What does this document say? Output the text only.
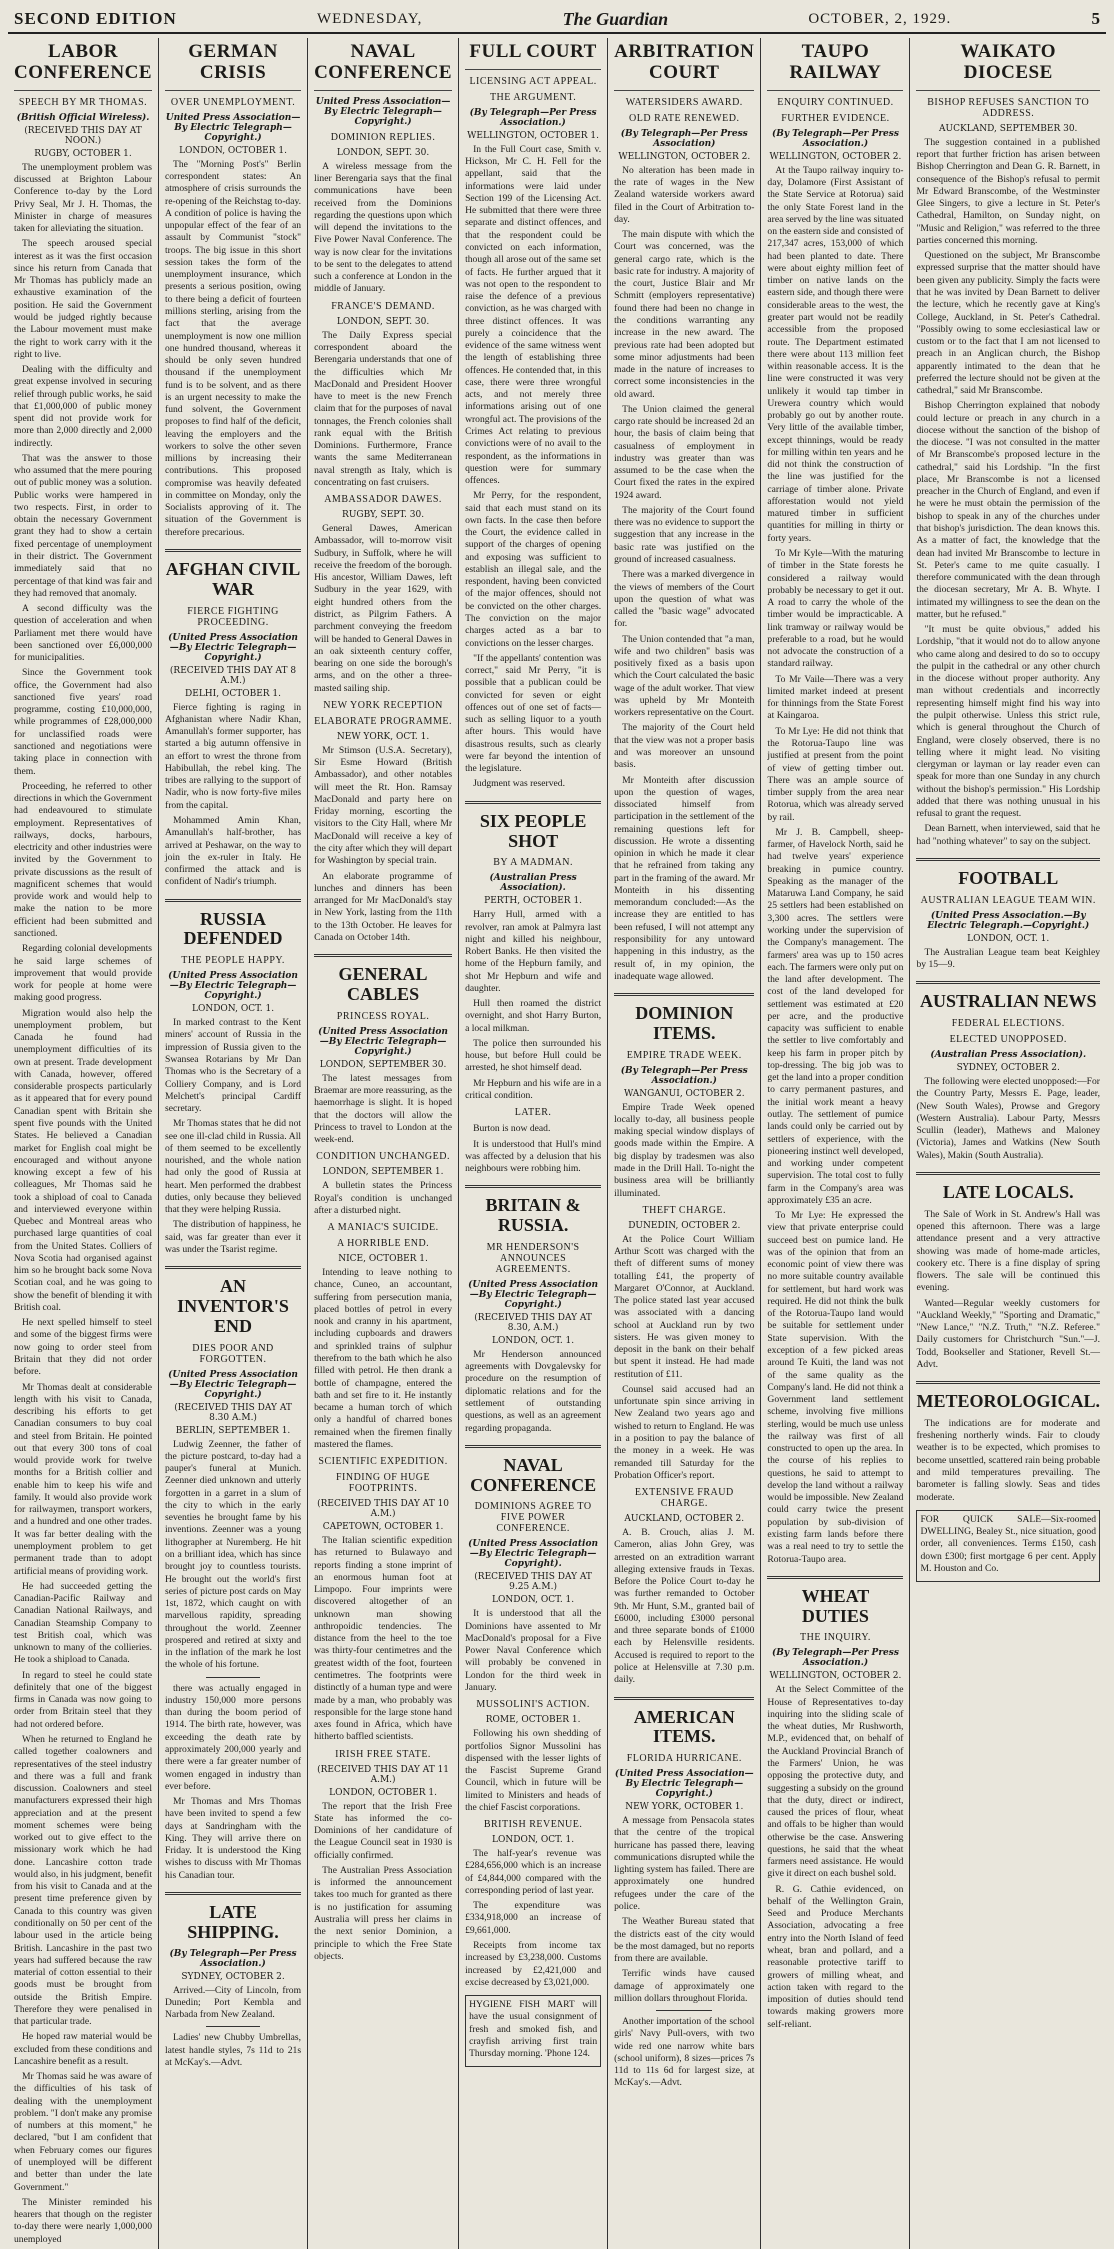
SECOND EDITION	WEDNESDAY,	The Guardian	OCTOBER, 2, 1929.	5
LABOR CONFERENCE
SPEECH BY MR THOMAS.
(British Official Wireless).
(RECEIVED THIS DAY AT NOON.)
RUGBY, OCTOBER 1.

The unemployment problem was discussed at Brighton Labour Conference to-day by the Lord Privy Seal, Mr J. H. Thomas, the Minister in charge of measures taken for alleviating the situation.

The speech aroused special interest as it was the first occasion since his return from Canada that Mr Thomas has publicly made an exhaustive examination of the position. He said the Government would be judged rightly because the Labour movement must make the right to work carry with it the right to live.

Dealing with the difficulty and great expense involved in securing relief through public works, he said that £1,000,000 of public money spent did not provide work for more than 2,000 directly and 2,000 indirectly.

That was the answer to those who assumed that the mere pouring out of public money was a solution. Public works were hampered in two respects. First, in order to obtain the necessary Government grant they had to show a certain fixed percentage of unemployment in their district. The Government immediately said that no percentage of that kind was fair and they had removed that anomaly.

A second difficulty was the question of acceleration and when Parliament met there would have been sanctioned over £6,000,000 for municipalities.

Since the Government took office, the Government had also sanctioned five years' road programme, costing £10,000,000, while programmes of £28,000,000 for unclassified roads were sanctioned and negotiations were taking place in connection with them.

Proceeding, he referred to other directions in which the Government had endeavoured to stimulate employment. Representatives of railways, docks, harbours, electricity and other industries were invited by the Government to private discussions as the result of magnificent schemes that would provide work and would help to make the nation to be more efficient had been submitted and sanctioned.

Regarding colonial developments he said large schemes of improvement that would provide work for people at home were making good progress.

Migration would also help the unemployment problem, but Canada he found had unemployment difficulties of its own at present. Trade development with Canada, however, offered considerable prospects particularly as it appeared that for every pound Canadian spent with Britain she spent five pounds with the United States. He believed a Canadian market for English coal might be encouraged and without anyone knowing except a few of his colleagues, Mr Thomas said he took a shipload of coal to Canada and interviewed everyone within Quebec and Montreal areas who purchased large quantities of coal from the United States. Colliers of Nova Scotia had organised against him so he brought back some Nova Scotian coal, and he was going to show the benefit of blending it with British coal.

He next spelled himself to steel and some of the biggest firms were now going to order steel from Britain that they did not order before.

Mr Thomas dealt at considerable length with his visit to Canada, describing his efforts to get Canadian consumers to buy coal and steel from Britain. He pointed out that every 300 tons of coal would provide work for twelve months for a British collier and enable him to keep his wife and family. It would also provide work for railwaymen, transport workers, and a hundred and one other trades. It was far better dealing with the unemployment problem to get permanent trade than to adopt artificial means of providing work.

He had succeeded getting the Canadian-Pacific Railway and Canadian National Railways, and Canadian Steamship Company to test British coal, which was unknown to many of the collieries. He took a shipload to Canada.

In regard to steel he could state definitely that one of the biggest firms in Canada was now going to order from Britain steel that they had not ordered before.

When he returned to England he called together coalowners and representatives of the steel industry and there was a full and frank discussion. Coalowners and steel manufacturers expressed their high appreciation and at the present moment schemes were being worked out to give effect to the missionary work which he had done. Lancashire cotton trade would also, in his judgment, benefit from his visit to Canada and at the present time preference given by Canada to this country was given conditionally on 50 per cent of the labour used in the article being British. Lancashire in the past two years had suffered because the raw material of cotton essential to their goods must be brought from outside the British Empire. Therefore they were penalised in that particular trade.

He hoped raw material would be excluded from these conditions and Lancashire benefit as a result.

Mr Thomas said he was aware of the difficulties of his task of dealing with the unemployment problem. "I don't make any promise of numbers at this moment," he declared, "but I am confident that when February comes our figures of unemployed will be different and better than under the late Government."

The Minister reminded his hearers that though on the register to-day there were nearly 1,000,000 unemployed

GERMAN CRISIS
OVER UNEMPLOYMENT.
United Press Association—By Electric Telegraph—Copyright.)
LONDON, OCTOBER 1.

The "Morning Post's" Berlin correspondent states: An atmosphere of crisis surrounds the re-opening of the Reichstag to-day. A condition of police is having the unpopular effect of the fear of an assault by Communist "stock" troops. The big issue in this short session takes the form of the unemployment insurance, which presents a serious position, owing to there being a deficit of fourteen millions sterling, arising from the fact that the average unemployment is now one million one hundred thousand, whereas it should be only seven hundred thousand if the unemployment fund is to be solvent, and as there is an urgent necessity to make the fund solvent, the Government proposes to find half of the deficit, leaving the employers and the workers to solve the other seven millions by increasing their contributions. This proposed compromise was heavily defeated in committee on Monday, only the Socialists approving of it. The situation of the Government is therefore precarious.

AFGHAN CIVIL WAR
FIERCE FIGHTING PROCEEDING.
(United Press Association—By Electric Telegraph—Copyright.)
(RECEIVED THIS DAY AT 8 A.M.)
DELHI, OCTOBER 1.

Fierce fighting is raging in Afghanistan where Nadir Khan, Amanullah's former supporter, has started a big autumn offensive in an effort to wrest the throne from Habibullah, the rebel king. The tribes are rallying to the support of Nadir, who is now forty-five miles from the capital.

Mohammed Amin Khan, Amanullah's half-brother, has arrived at Peshawar, on the way to join the ex-ruler in Italy. He confirmed the attack and is confident of Nadir's triumph.

RUSSIA DEFENDED
THE PEOPLE HAPPY.
(United Press Association—By Electric Telegraph—Copyright.)
LONDON, OCT. 1.

In marked contrast to the Kent miners' account of Russia in the impression of Russia given to the Swansea Rotarians by Mr Dan Thomas who is the Secretary of a Colliery Company, and is Lord Melchett's principal Cardiff secretary.

Mr Thomas states that he did not see one ill-clad child in Russia. All of them seemed to be excellently nourished, and the whole nation had only the good of Russia at heart. Men performed the drabbest duties, only because they believed that they were helping Russia.

The distribution of happiness, he said, was far greater than ever it was under the Tsarist regime.

AN INVENTOR'S END
DIES POOR AND FORGOTTEN.
(United Press Association—By Electric Telegraph—Copyright.)
(RECEIVED THIS DAY AT 8.30 A.M.)
BERLIN, SEPTEMBER 1.

Ludwig Zeenner, the father of the picture postcard, to-day had a pauper's funeral at Munich. Zeenner died unknown and utterly forgotten in a garret in a slum of the city to which in the early seventies he brought fame by his inventions. Zeenner was a young lithographer at Nuremberg. He hit on a brilliant idea, which has since brought joy to countless tourists. He brought out the world's first series of picture post cards on May 1st, 1872, which caught on with marvellous rapidity, spreading throughout the world. Zeenner prospered and retired at sixty and in the inflation of the mark he lost the whole of his fortune.

there was actually engaged in industry 150,000 more persons than during the boom period of 1914. The birth rate, however, was exceeding the death rate by approximately 200,000 yearly and there were a far greater number of women engaged in industry than ever before.

Mr Thomas and Mrs Thomas have been invited to spend a few days at Sandringham with the King. They will arrive there on Friday. It is understood the King wishes to discuss with Mr Thomas his Canadian tour.

LATE SHIPPING.
(By Telegraph—Per Press Association.)
SYDNEY, OCTOBER 2.

Arrived.—City of Lincoln, from Dunedin; Port Kembla and Narbada from New Zealand.

Ladies' new Chubby Umbrellas, latest handle styles, 7s 11d to 21s at McKay's.—Advt.

NAVAL CONFERENCE
United Press Association—By Electric Telegraph—Copyright.)
DOMINION REPLIES.
LONDON, SEPT. 30.

A wireless message from the liner Berengaria says that the final communications have been received from the Dominions regarding the questions upon which will depend the invitations to the Five Power Naval Conference. The way is now clear for the invitations to be sent to the delegates to attend such a conference at London in the middle of January.

FRANCE'S DEMAND.
LONDON, SEPT. 30.

The Daily Express special correspondent aboard the Berengaria understands that one of the difficulties which Mr MacDonald and President Hoover have to meet is the new French claim that for the purposes of naval tonnages, the French colonies shall rank equal with the British Dominions. Furthermore, France wants the same Mediterranean naval strength as Italy, which is concentrating on fast cruisers.

AMBASSADOR DAWES.
RUGBY, SEPT. 30.

General Dawes, American Ambassador, will to-morrow visit Sudbury, in Suffolk, where he will receive the freedom of the borough. His ancestor, William Dawes, left Sudbury in the year 1629, with eight hundred others from the district, as Pilgrim Fathers. A parchment conveying the freedom will be handed to General Dawes in an oak sixteenth century coffer, bearing on one side the borough's arms, and on the other a three-masted sailing ship.

NEW YORK RECEPTION
ELABORATE PROGRAMME.
NEW YORK, OCT. 1.

Mr Stimson (U.S.A. Secretary), Sir Esme Howard (British Ambassador), and other notables will meet the Rt. Hon. Ramsay MacDonald and party here on Friday morning, escorting the visitors to the City Hall, where Mr MacDonald will receive a key of the city after which they will depart for Washington by special train.

An elaborate programme of lunches and dinners has been arranged for Mr MacDonald's stay in New York, lasting from the 11th to the 13th October. He leaves for Canada on October 14th.

GENERAL CABLES
PRINCESS ROYAL.
(United Press Association—By Electric Telegraph—Copyright.)
LONDON, SEPTEMBER 30.

The latest messages from Braemar are more reassuring, as the haemorrhage is slight. It is hoped that the doctors will allow the Princess to travel to London at the week-end.

CONDITION UNCHANGED.
LONDON, SEPTEMBER 1.

A bulletin states the Princess Royal's condition is unchanged after a disturbed night.

A MANIAC'S SUICIDE.
A HORRIBLE END.
NICE, OCTOBER 1.

Intending to leave nothing to chance, Cuneo, an accountant, suffering from persecution mania, placed bottles of petrol in every nook and cranny in his apartment, including cupboards and drawers and sprinkled trains of sulphur therefrom to the bath which he also filled with petrol. He then drank a bottle of champagne, entered the bath and set fire to it. He instantly became a human torch of which only a handful of charred bones remained when the firemen finally mastered the flames.

SCIENTIFIC EXPEDITION.
FINDING OF HUGE FOOTPRINTS.
(RECEIVED THIS DAY AT 10 A.M.)
CAPETOWN, OCTOBER 1.

The Italian scientific expedition has returned to Bulawayo and reports finding a stone imprint of an enormous human foot at Limpopo. Four imprints were discovered altogether of an unknown man showing anthropoidic tendencies. The distance from the heel to the toe was thirty-four centimetres and the greatest width of the foot, fourteen centimetres. The footprints were distinctly of a human type and were made by a man, who probably was responsible for the large stone hand axes found in Africa, which have hitherto baffled scientists.

IRISH FREE STATE.
(RECEIVED THIS DAY AT 11 A.M.)
LONDON, OCTOBER 1.

The report that the Irish Free State has informed the co-Dominions of her candidature of the League Council seat in 1930 is officially confirmed.

The Australian Press Association is informed the announcement takes too much for granted as there is no justification for assuming Australia will press her claims in the next senior Dominion, a principle to which the Free State objects.

FULL COURT
LICENSING ACT APPEAL.
THE ARGUMENT.
(By Telegraph—Per Press Association.)
WELLINGTON, OCTOBER 1.

In the Full Court case, Smith v. Hickson, Mr C. H. Fell for the appellant, said that the informations were laid under Section 199 of the Licensing Act. He submitted that there were three separate and distinct offences, and that the respondent could be convicted on each information, though all arose out of the same set of facts. He further argued that it was not open to the respondent to raise the defence of a previous conviction, as he was charged with three distinct offences. It was purely a coincidence that the evidence of the same witness went the length of establishing three offences. He contended that, in this case, there were three wrongful acts, and not merely three informations arising out of one wrongful act. The provisions of the Crimes Act relating to previous convictions were of no avail to the respondent, as the informations in question were for summary offences.

Mr Perry, for the respondent, said that each must stand on its own facts. In the case then before the Court, the evidence called in support of the charges of opening and exposing was sufficient to establish an illegal sale, and the respondent, having been convicted of the major offences, should not be convicted on the other charges. The conviction on the major charges acted as a bar to convictions on the lesser charges.

"If the appellants' contention was correct," said Mr Perry, "it is possible that a publican could be convicted for seven or eight offences out of one set of facts—such as selling liquor to a youth after hours. This would have disastrous results, such as clearly were far beyond the intention of the legislature.

Judgment was reserved.

SIX PEOPLE SHOT
BY A MADMAN.
(Australian Press Association).
PERTH, OCTOBER 1.

Harry Hull, armed with a revolver, ran amok at Palmyra last night and killed his neighbour, Robert Banks. He then visited the home of the Hepburn family, and shot Mr Hepburn and wife and daughter.

Hull then roamed the district overnight, and shot Harry Burton, a local milkman.

The police then surrounded his house, but before Hull could be arrested, he shot himself dead.

Mr Hepburn and his wife are in a critical condition.

LATER.

Burton is now dead.

It is understood that Hull's mind was affected by a delusion that his neighbours were robbing him.

BRITAIN & RUSSIA.
MR HENDERSON'S ANNOUNCES AGREEMENTS.
(United Press Association—By Electric Telegraph—Copyright.)
(RECEIVED THIS DAY AT 8.30, A.M.)
LONDON, OCT. 1.

Mr Henderson announced agreements with Dovgalevsky for procedure on the resumption of diplomatic relations and for the settlement of outstanding questions, as well as an agreement regarding propaganda.

NAVAL CONFERENCE
DOMINIONS AGREE TO FIVE POWER CONFERENCE.
(United Press Association—By Electric Telegraph—Copyright).
(RECEIVED THIS DAY AT 9.25 A.M.)
LONDON, OCT. 1.

It is understood that all the Dominions have assented to Mr MacDonald's proposal for a Five Power Naval Conference which will probably be convened in London for the third week in January.

MUSSOLINI'S ACTION.
ROME, OCTOBER 1.

Following his own shedding of portfolios Signor Mussolini has dispensed with the lesser lights of the Fascist Supreme Grand Council, which in future will be limited to Ministers and heads of the chief Fascist corporations.

BRITISH REVENUE.
LONDON, OCT. 1.

The half-year's revenue was £284,656,000 which is an increase of £4,844,000 compared with the corresponding period of last year.

The expenditure was £334,918,000 an increase of £9,661,000.

Receipts from income tax increased by £3,238,000. Customs increased by £2,421,000 and excise decreased by £3,021,000.

HYGIENE FISH MART will have the usual consignment of fresh and smoked fish, and crayfish arriving first train Thursday morning. 'Phone 124.

ARBITRATION COURT
WATERSIDERS AWARD.
OLD RATE RENEWED.
(By Telegraph—Per Press Association)
WELLINGTON, OCTOBER 2.

No alteration has been made in the rate of wages in the New Zealand waterside workers award filed in the Court of Arbitration to-day.

The main dispute with which the Court was concerned, was the general cargo rate, which is the basic rate for industry. A majority of the court, Justice Blair and Mr Schmitt (employers representative) found there had been no change in the conditions warranting any increase in the new award. The previous rate had been adopted but some minor adjustments had been made in the nature of increases to correct some inconsistencies in the old award.

The Union claimed the general cargo rate should be increased 2d an hour, the basis of claim being that casualness of employment in industry was greater than was assumed to be the case when the Court fixed the rates in the expired 1924 award.

The majority of the Court found there was no evidence to support the suggestion that any increase in the basic rate was justified on the ground of increased casualness.

There was a marked divergence in the views of members of the Court upon the question of what was called the "basic wage" advocated for.

The Union contended that "a man, wife and two children" basis was positively fixed as a basis upon which the Court calculated the basic wage of the adult worker. That view was upheld by Mr Monteith workers representative on the Court.

The majority of the Court held that the view was not a proper basis and was moreover an unsound basis.

Mr Monteith after discussion upon the question of wages, dissociated himself from participation in the settlement of the remaining questions left for discussion. He wrote a dissenting opinion in which he made it clear that he refrained from taking any part in the framing of the award. Mr Monteith in his dissenting memorandum concluded:—As the increase they are entitled to has been refused, I will not attempt any responsibility for any untoward happening in this industry, as the result of, in my opinion, the inadequate wage allowed.

DOMINION ITEMS.
EMPIRE TRADE WEEK.
(By Telegraph—Per Press Association.)
WANGANUI, OCTOBER 2.

Empire Trade Week opened locally to-day, all business people making special window displays of goods made within the Empire. A big display by tradesmen was also made in the Drill Hall. To-night the business area will be brilliantly illuminated.

THEFT CHARGE.
DUNEDIN, OCTOBER 2.

At the Police Court William Arthur Scott was charged with the theft of different sums of money totalling £41, the property of Margaret O'Connor, at Auckland. The police stated last year accused was associated with a dancing school at Auckland run by two sisters. He was given money to deposit in the bank on their behalf but spent it instead. He had made restitution of £11.

Counsel said accused had an unfortunate spin since arriving in New Zealand two years ago and wished to return to England. He was in a position to pay the balance of the money in a week. He was remanded till Saturday for the Probation Officer's report.

EXTENSIVE FRAUD CHARGE.
AUCKLAND, OCTOBER 2.

A. B. Crouch, alias J. M. Cameron, alias John Grey, was arrested on an extradition warrant alleging extensive frauds in Texas. Before the Police Court to-day he was further remanded to October 9th. Mr Hunt, S.M., granted bail of £6000, including £3000 personal and three separate bonds of £1000 each by Helensville residents. Accused is required to report to the police at Helensville at 7.30 p.m. daily.

AMERICAN ITEMS.
FLORIDA HURRICANE.
(United Press Association—By Electric Telegraph—Copyright.)
NEW YORK, OCTOBER 1.

A message from Pensacola states that the centre of the tropical hurricane has passed there, leaving communications disrupted while the lighting system has failed. There are approximately one hundred refugees under the care of the police.

The Weather Bureau stated that the districts east of the city would be the most damaged, but no reports from there are available.

Terrific winds have caused damage of approximately one million dollars throughout Florida.

Another importation of the school girls' Navy Pull-overs, with two wide red one narrow white bars (school uniform), 8 sizes—prices 7s 11d to 11s 6d for largest size, at McKay's.—Advt.

TAUPO RAILWAY
ENQUIRY CONTINUED.
FURTHER EVIDENCE.
(By Telegraph—Per Press Association.)
WELLINGTON, OCTOBER 2.

At the Taupo railway inquiry to-day, Dolamore (First Assistant of the State Service at Rotorua) said the only State Forest land in the area served by the line was situated on the eastern side and consisted of 217,347 acres, 153,000 of which had been planted to date. There were about eighty million feet of timber on native lands on the eastern side, and though there were considerable areas to the west, the greater part would not be readily accessible from the proposed route. The Department estimated there were about 113 million feet within reasonable access. It is the line were constructed it was very unlikely it would tap timber in Urewera country which would probably go out by another route. Very little of the available timber, except thinnings, would be ready for milling within ten years and he did not think the construction of the line was justified for the carriage of timber alone. Private afforestation would not yield matured timber in sufficient quantities for milling in thirty or forty years.

To Mr Kyle—With the maturing of timber in the State forests he considered a railway would probably be necessary to get it out. A road to carry the whole of the timber would be impracticable. A link tramway or railway would be preferable to a road, but he would not advocate the construction of a standard railway.

To Mr Vaile—There was a very limited market indeed at present for thinnings from the State Forest at Kaingaroa.

To Mr Lye: He did not think that the Rotorua-Taupo line was justified at present from the point of view of getting timber out. There was an ample source of timber supply from the area near Rotorua, which was already served by rail.

Mr J. B. Campbell, sheep-farmer, of Havelock North, said he had twelve years' experience breaking in pumice country. Speaking as the manager of the Mataruwa Land Company, he said 25 settlers had been established on 3,300 acres. The settlers were working under the supervision of the Company's management. The farmers' area was up to 150 acres each. The farmers were only put on the land after development. The cost of the land developed for settlement was estimated at £20 per acre, and the productive capacity was sufficient to enable the settler to live comfortably and keep his farm in proper pitch by top-dressing. The big job was to get the land into a proper condition to carry permanent pastures, and the initial work meant a heavy outlay. The settlement of pumice lands could only be carried out by settlers of experience, with the pioneering instinct well developed, and working under competent supervision. The total cost to fully farm in the Company's area was approximately £35 an acre.

To Mr Lye: He expressed the view that private enterprise could succeed best on pumice land. He was of the opinion that from an economic point of view there was no more suitable country available for settlement, but hard work was required. He did not think the bulk of the Rotorua-Taupo land would be suitable for settlement under State supervision. With the exception of a few picked areas around Te Kuiti, the land was not of the same quality as the Company's land. He did not think a Government land settlement scheme, involving five millions sterling, would be much use unless the railway was first of all constructed to open up the area. In the course of his replies to questions, he said to attempt to develop the land without a railway would be impossible. New Zealand could carry twice the present population by sub-division of existing farm lands before there was a real need to try to settle the Rotorua-Taupo area.

WHEAT DUTIES
THE INQUIRY.
(By Telegraph—Per Press Association.)
WELLINGTON, OCTOBER 2.

At the Select Committee of the House of Representatives to-day inquiring into the sliding scale of the wheat duties, Mr Rushworth, M.P., evidenced that, on behalf of the Auckland Provincial Branch of the Farmers' Union, he was opposing the protective duty, and suggesting a subsidy on the ground that the duty, direct or indirect, caused the prices of flour, wheat and offals to be higher than would otherwise be the case. Answering questions, he said that the wheat farmers need assistance. He would give it direct on each bushel sold.

R. G. Cathie evidenced, on behalf of the Wellington Grain, Seed and Produce Merchants Association, advocating a free entry into the North Island of feed wheat, bran and pollard, and a reasonable protective tariff to growers of milling wheat, and action taken with regard to the imposition of duties should tend towards making growers more self-reliant.

WAIKATO DIOCESE
BISHOP REFUSES SANCTION TO ADDRESS.
AUCKLAND, SEPTEMBER 30.

The suggestion contained in a published report that further friction has arisen between Bishop Cherrington and Dean G. R. Barnett, in consequence of the Bishop's refusal to permit Mr Edward Branscombe, of the Westminster Glee Singers, to give a lecture in St. Peter's Cathedral, Hamilton, on Sunday night, on "Music and Religion," was referred to the three parties concerned this morning.

Questioned on the subject, Mr Branscombe expressed surprise that the matter should have been given any publicity. Simply the facts were that he was invited by Dean Barnett to deliver the lecture, which he recently gave at King's College, Auckland, in St. Peter's Cathedral. "Possibly owing to some ecclesiastical law or custom or to the fact that I am not licensed to preach in an Anglican church, the Bishop apparently intimated to the dean that he preferred the lecture should not be given at the cathedral," said Mr Branscombe.

Bishop Cherrington explained that nobody could lecture or preach in any church in a diocese without the sanction of the bishop of the diocese. "I was not consulted in the matter of Mr Branscombe's proposed lecture in the cathedral," said his Lordship. "In the first place, Mr Branscombe is not a licensed preacher in the Church of England, and even if he were he must obtain the permission of the bishop to speak in any of the churches under that bishop's jurisdiction. The dean knows this. As a matter of fact, the knowledge that the dean had invited Mr Branscombe to lecture in St. Peter's came to me quite casually. I therefore communicated with the dean through the diocesan secretary, Mr A. B. Whyte. I intimated my willingness to see the dean on the matter, but he refused."

"It must be quite obvious," added his Lordship, "that it would not do to allow anyone who came along and desired to do so to occupy the pulpit in the cathedral or any other church in the diocese without proper authority. Any man without credentials and incorrectly representing himself might find his way into the pulpit otherwise. Unless this strict rule, which is general throughout the Church of England, were closely observed, there is no telling where it might lead. No visiting clergyman or layman or lay reader even can speak for more than one Sunday in any church without the bishop's permission." His Lordship added that there was nothing unusual in his refusal to grant the request.

Dean Barnett, when interviewed, said that he had "nothing whatever" to say on the subject.

FOOTBALL
AUSTRALIAN LEAGUE TEAM WIN.
(United Press Association.—By Electric Telegraph.—Copyright.)
LONDON, OCT. 1.

The Australian League team beat Keighley by 15—9.

AUSTRALIAN NEWS
FEDERAL ELECTIONS.
ELECTED UNOPPOSED.
(Australian Press Association).
SYDNEY, OCTOBER 2.

The following were elected unopposed:—For the Country Party, Messrs E. Page, leader, (New South Wales), Prowse and Gregory (Western Australia). Labour Party, Messrs Scullin (leader), Mathews and Maloney (Victoria), James and Watkins (New South Wales), Makin (South Australia).

LATE LOCALS.

The Sale of Work in St. Andrew's Hall was opened this afternoon. There was a large attendance present and a very attractive showing was made of home-made articles, cookery etc. There is a fine display of spring flowers. The sale will be continued this evening.

Wanted—Regular weekly customers for "Auckland Weekly," "Sporting and Dramatic," "New Lance," "N.Z. Truth," "N.Z. Referee." Daily customers for Christchurch "Sun."—J. Todd, Bookseller and Stationer, Revell St.—Advt.

METEOROLOGICAL.

The indications are for moderate and freshening northerly winds. Fair to cloudy weather is to be expected, which promises to become unsettled, scattered rain being probable and mild temperatures prevailing. The barometer is falling slowly. Seas and tides moderate.

FOR QUICK SALE—Six-roomed DWELLING, Bealey St., nice situation, good order, all conveniences. Terms £150, cash down £300; first mortgage 6 per cent. Apply M. Houston and Co.
